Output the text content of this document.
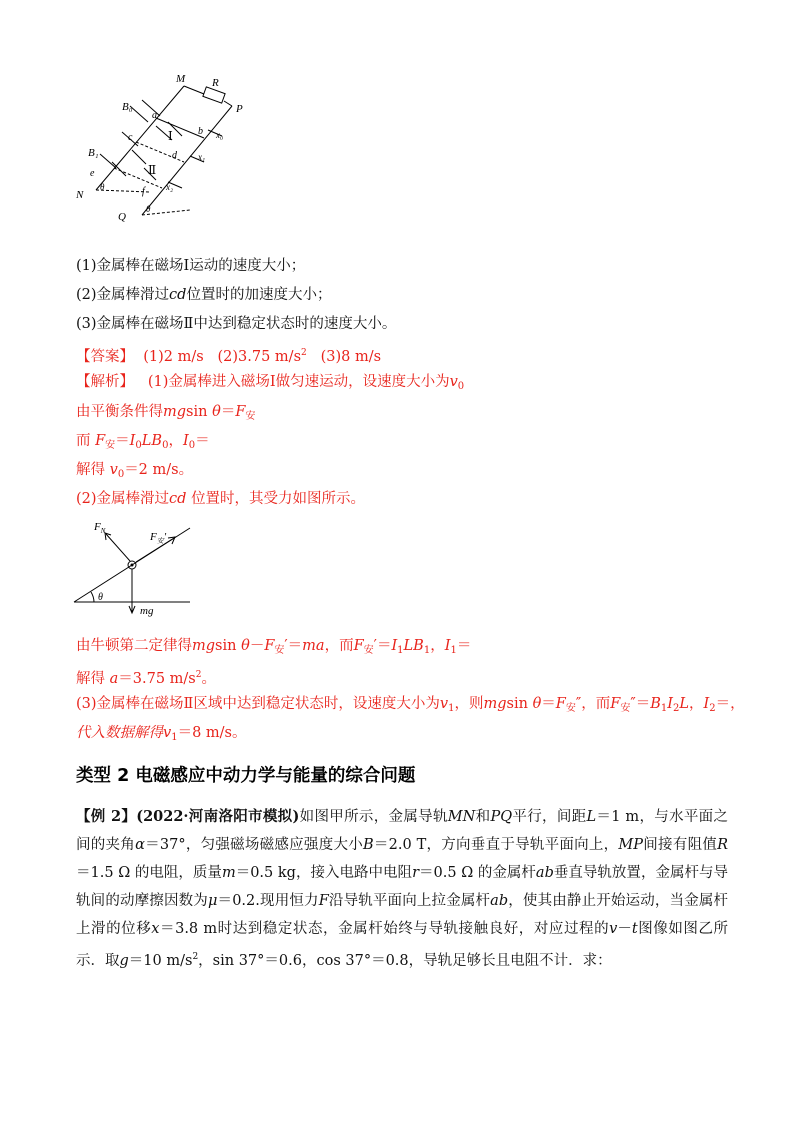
M R
P
B₀
a
Ⅰ	b x₀
c
d x₁
Ⅱ
B₁
e
f x₂
θ
N
θ
Q
(1)金属棒在磁场Ⅰ运动的速度大小；
(2)金属棒滑过cd位置时的加速度大小；
(3)金属棒在磁场Ⅱ中达到稳定状态时的速度大小。
【答案】 (1)2 m/s (2)3.75 $m/s^2$ (3)8 m/s
【解析】 (1)金属棒进入磁场Ⅰ做匀速运动，设速度大小为$v_0$
由平衡条件得mgsin $\theta=F_安$
而 $F_安=I_0LB_0$，$I_0=$
解得 $v_0=2$ m/s。
(2)金属棒滑过cd 位置时，其受力如图所示。
$F_N$	$F_安'$
θ
mg
由牛顿第二定律得mgsin $\theta-F_安'=ma$，而$F_安'=I_1LB_1$，$I_1=$
解得 a＝3.75 $m/s^2$。
(3)金属棒在磁场Ⅱ区域中达到稳定状态时，设速度大小为$v_1$，则mgsin $\theta=F_安''$，而$F_安''=B_1I_2L$，$I_2=$，
代入数据解得$v_1=8$ m/s。
类型 2 电磁感应中动力学与能量的综合问题
【例 2】(2022·河南洛阳市模拟)如图甲所示，金属导轨MN和PQ平行，间距L＝1 m，与水平面之间的夹角α＝37°，匀强磁场磁感应强度大小B＝2.0 T，方向垂直于导轨平面向上，MP间接有阻值R＝1.5 Ω 的电阻，质量m＝0.5 kg，接入电路中电阻r＝0.5 Ω 的金属杆ab垂直导轨放置，金属杆与导轨间的动摩擦因数为μ＝0.2.现用恒力F沿导轨平面向上拉金属杆ab，使其由静止开始运动，当金属杆上滑的位移x＝3.8 m时达到稳定状态，金属杆始终与导轨接触良好，对应过程的v－t图像如图乙所示．取g＝10 $m/s^2$，sin 37°＝0.6，cos 37°＝0.8，导轨足够长且电阻不计．求：
